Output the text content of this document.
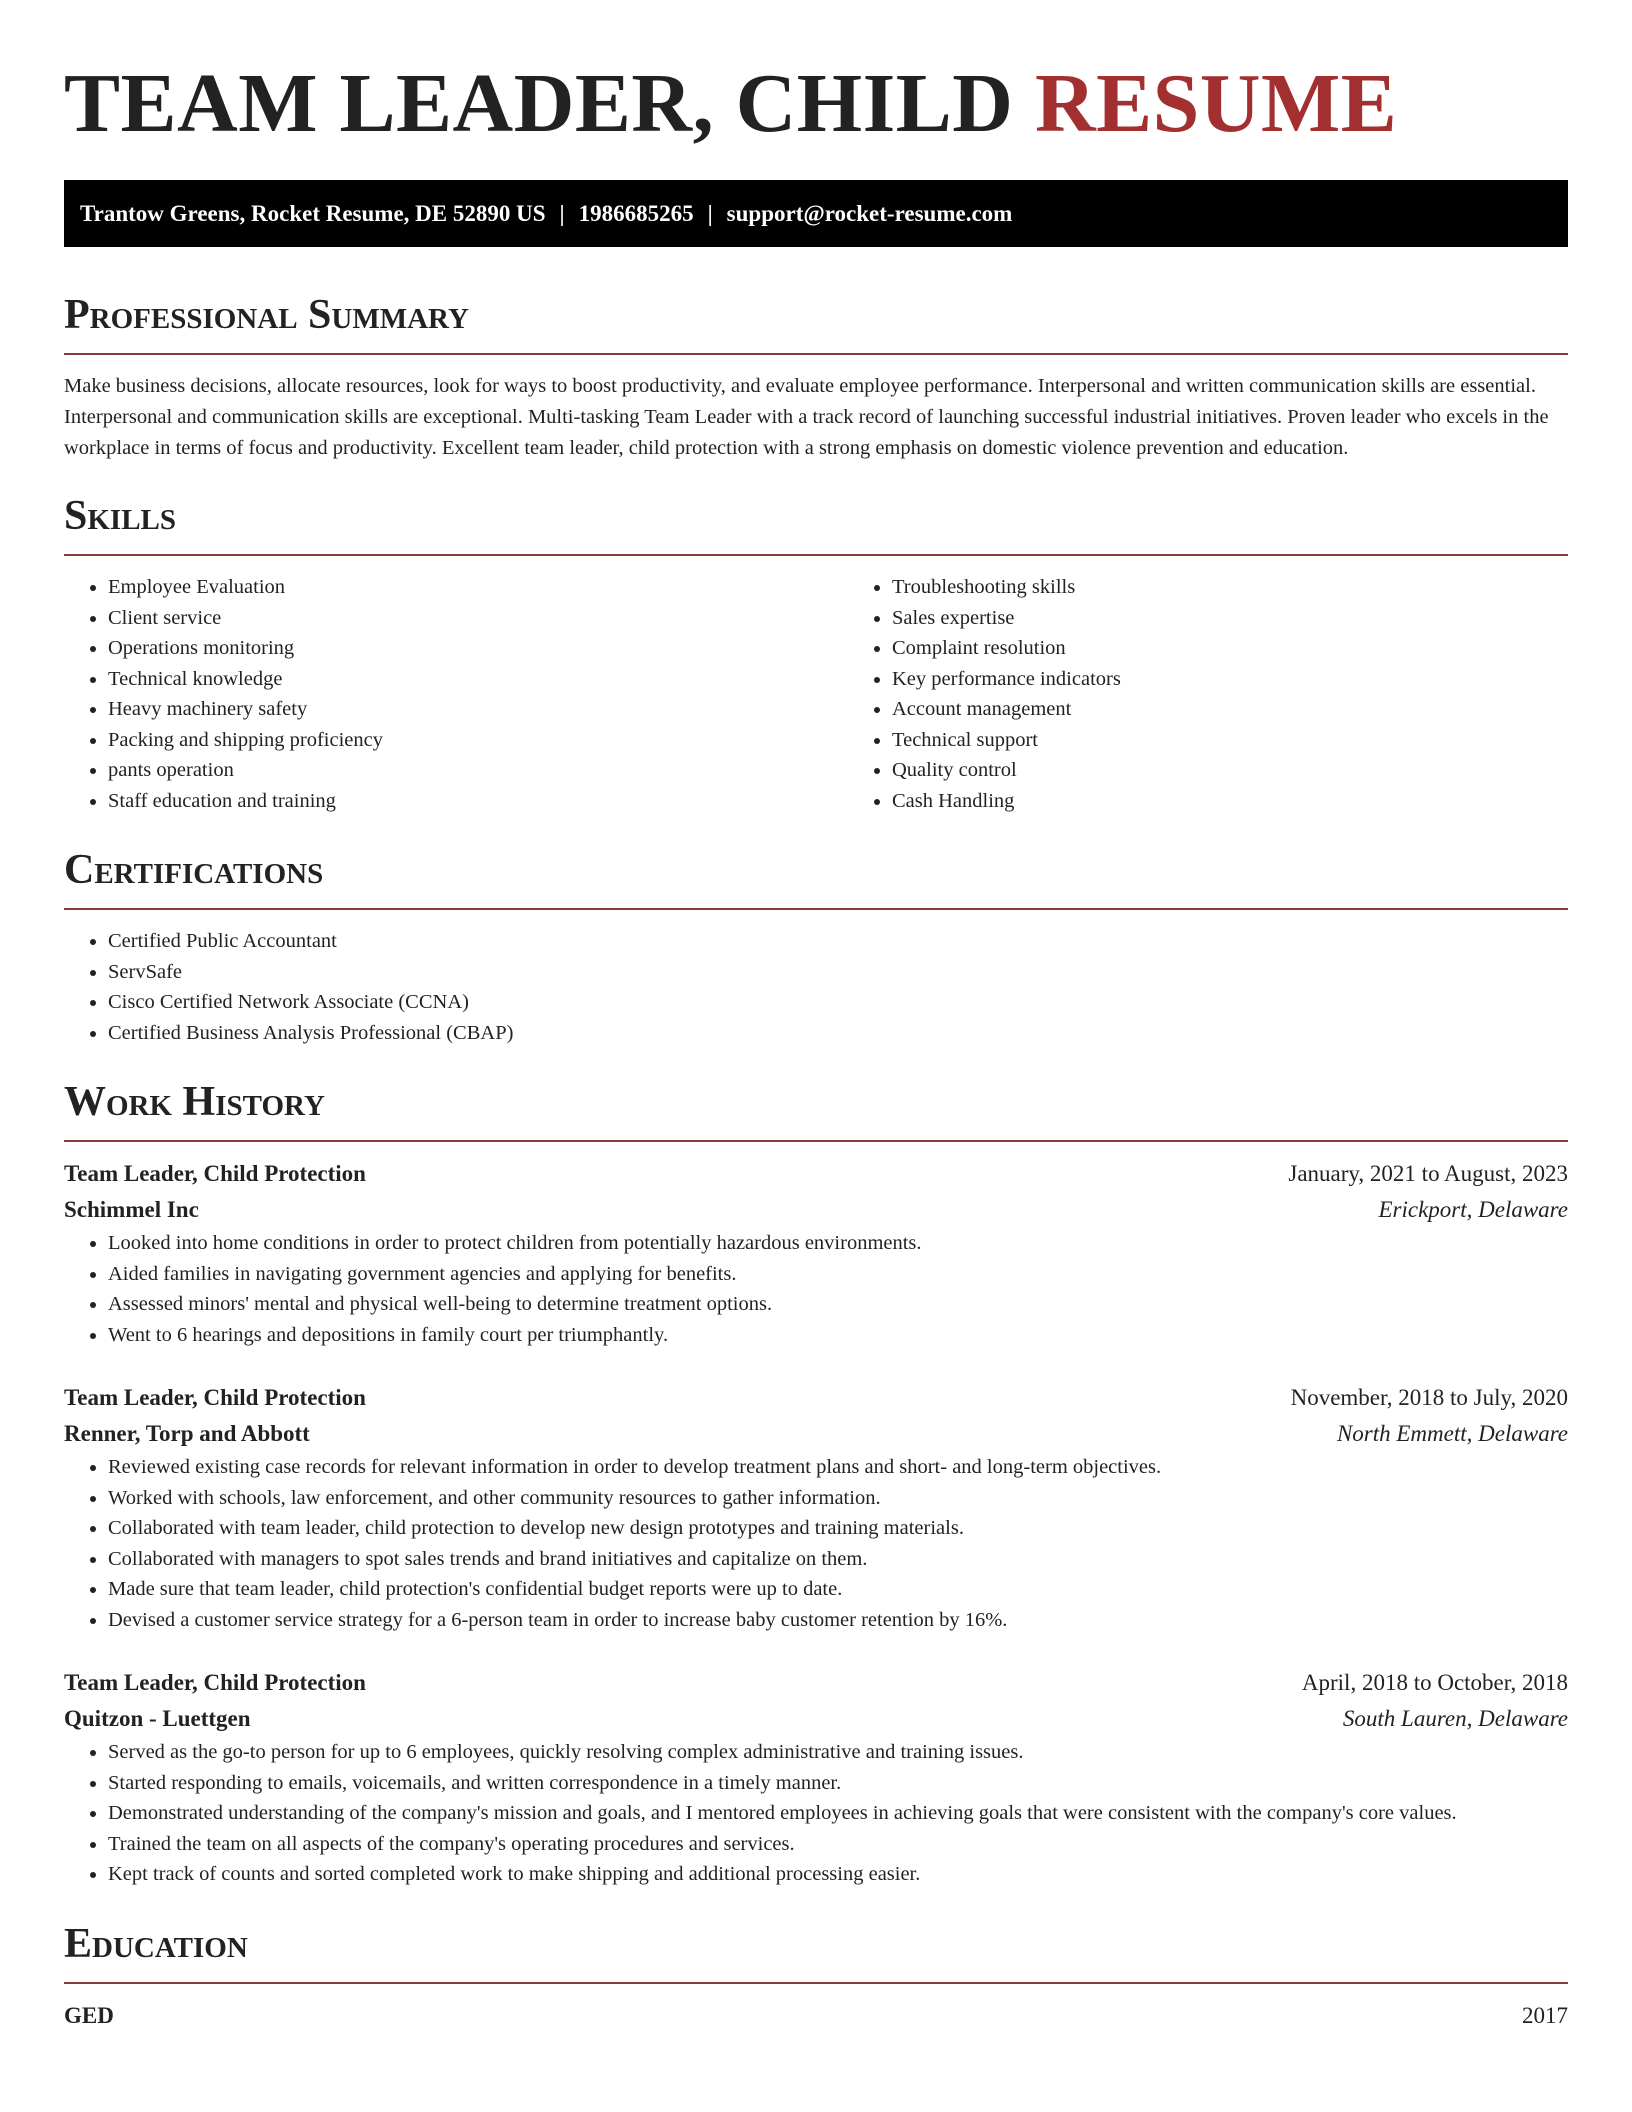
TEAM LEADER, CHILD RESUME
Trantow Greens, Rocket Resume, DE 52890 US | 1986685265 | support@rocket-resume.com
Professional Summary

Make business decisions, allocate resources, look for ways to boost productivity, and evaluate employee performance. Interpersonal and written communication skills are essential. Interpersonal and communication skills are exceptional. Multi-tasking Team Leader with a track record of launching successful industrial initiatives. Proven leader who excels in the workplace in terms of focus and productivity. Excellent team leader, child protection with a strong emphasis on domestic violence prevention and education.

Skills
• Employee Evaluation
• Client service
• Operations monitoring
• Technical knowledge
• Heavy machinery safety
• Packing and shipping proficiency
• pants operation
• Staff education and training
• Troubleshooting skills
• Sales expertise
• Complaint resolution
• Key performance indicators
• Account management
• Technical support
• Quality control
• Cash Handling
Certifications
• Certified Public Accountant
• ServSafe
• Cisco Certified Network Associate (CCNA)
• Certified Business Analysis Professional (CBAP)
Work History
Team Leader, Child Protection	January, 2021 to August, 2023
Schimmel Inc	Erickport, Delaware
• Looked into home conditions in order to protect children from potentially hazardous environments.
• Aided families in navigating government agencies and applying for benefits.
• Assessed minors' mental and physical well-being to determine treatment options.
• Went to 6 hearings and depositions in family court per triumphantly.
Team Leader, Child Protection	November, 2018 to July, 2020
Renner, Torp and Abbott	North Emmett, Delaware
• Reviewed existing case records for relevant information in order to develop treatment plans and short- and long-term objectives.
• Worked with schools, law enforcement, and other community resources to gather information.
• Collaborated with team leader, child protection to develop new design prototypes and training materials.
• Collaborated with managers to spot sales trends and brand initiatives and capitalize on them.
• Made sure that team leader, child protection's confidential budget reports were up to date.
• Devised a customer service strategy for a 6-person team in order to increase baby customer retention by 16%.
Team Leader, Child Protection	April, 2018 to October, 2018
Quitzon - Luettgen	South Lauren, Delaware
• Served as the go-to person for up to 6 employees, quickly resolving complex administrative and training issues.
• Started responding to emails, voicemails, and written correspondence in a timely manner.
• Demonstrated understanding of the company's mission and goals, and I mentored employees in achieving goals that were consistent with the company's core values.
• Trained the team on all aspects of the company's operating procedures and services.
• Kept track of counts and sorted completed work to make shipping and additional processing easier.
Education
GED	2017
